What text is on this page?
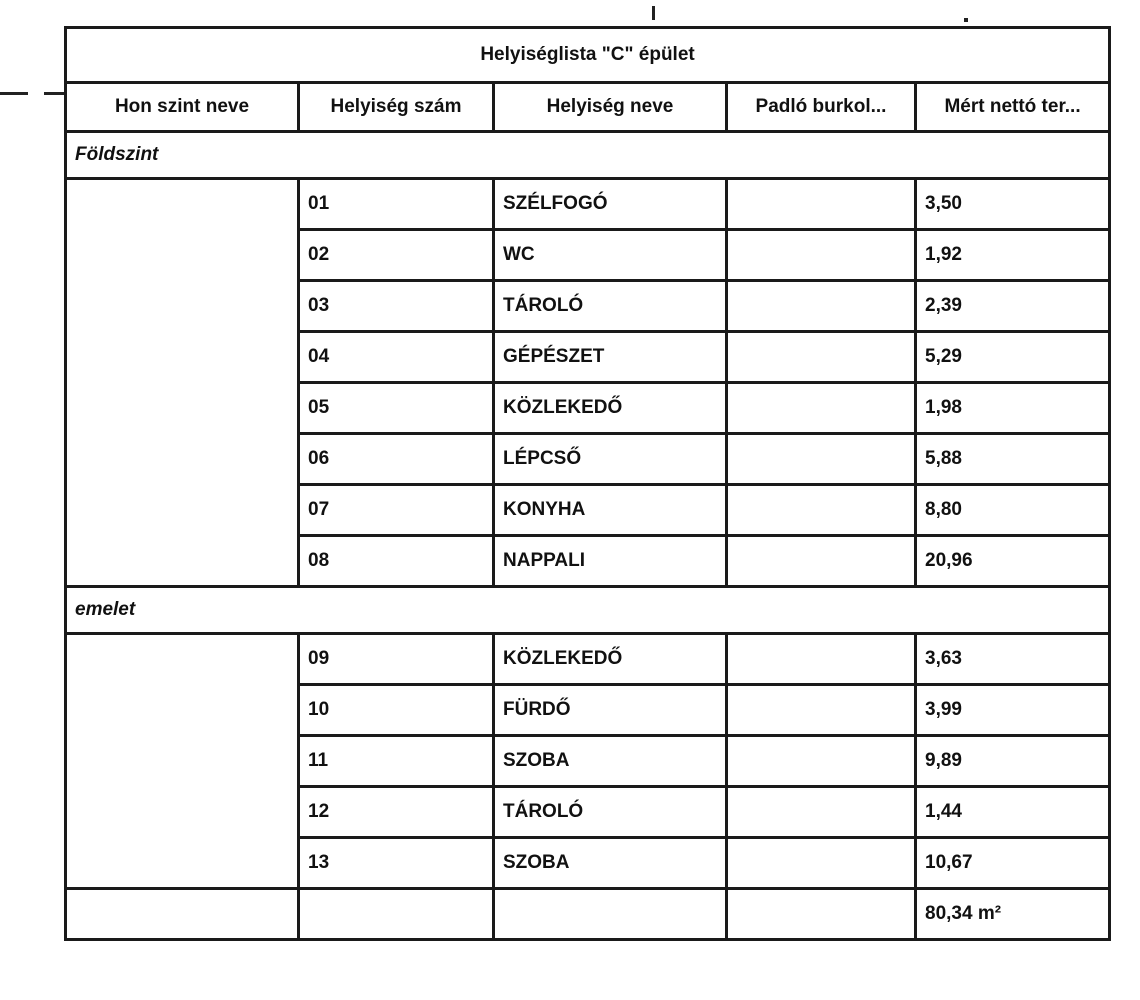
Helyiséglista "C" épület				
Hon szint neve	Helyiség szám	Helyiség neve	Padló burkol...	Mért nettó ter...
Földszint				
	01	SZÉLFOGÓ		3,50
	02	WC		1,92
	03	TÁROLÓ		2,39
	04	GÉPÉSZET		5,29
	05	KÖZLEKEDŐ		1,98
	06	LÉPCSŐ		5,88
	07	KONYHA		8,80
	08	NAPPALI		20,96
emelet				
	09	KÖZLEKEDŐ		3,63
	10	FÜRDŐ		3,99
	11	SZOBA		9,89
	12	TÁROLÓ		1,44
	13	SZOBA		10,67
				80,34 m²
